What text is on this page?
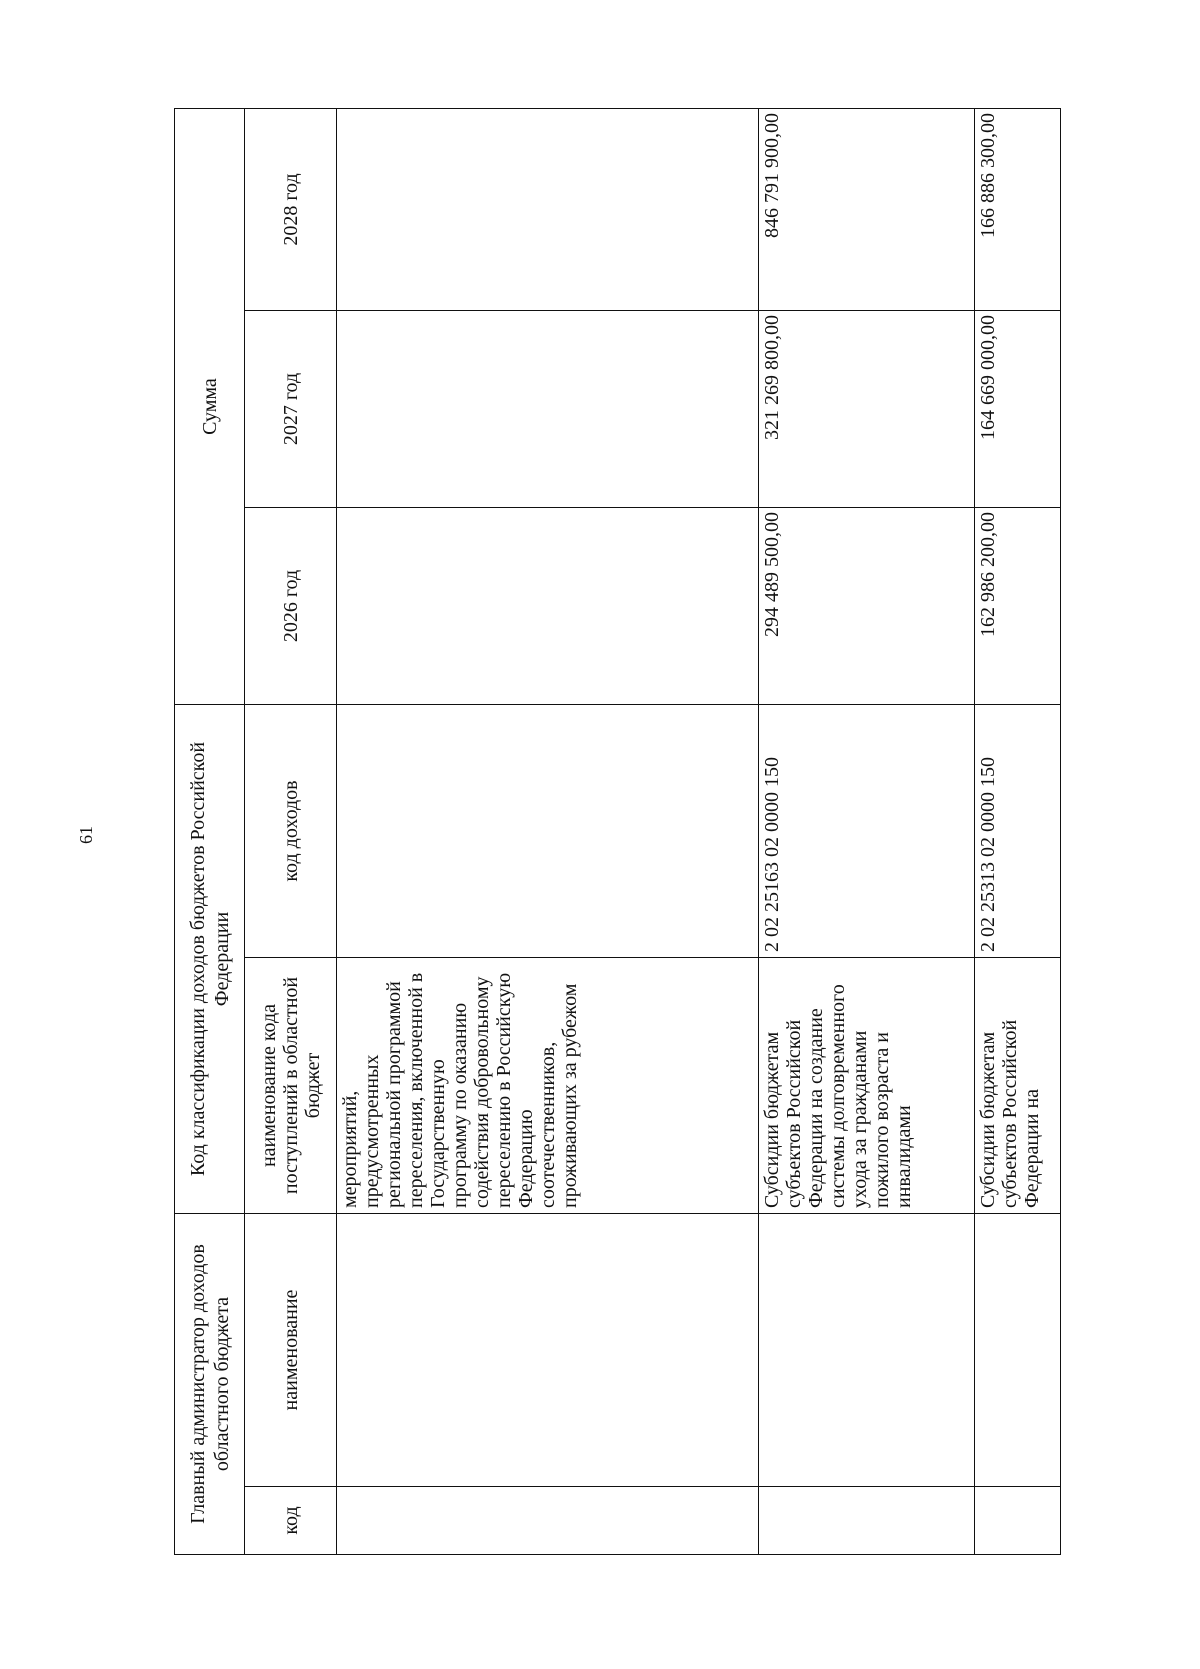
61
Главный администратор доходов областного бюджета		Код классификации доходов бюджетов Российской Федерации		Сумма		
код	наименование	наименование кода поступлений в областной бюджет	код доходов	2026 год	2027 год	2028 год
		мероприятий, предусмотренных региональной программой переселения, включенной в Государственную программу по оказанию содействия добровольному переселению в Российскую Федерацию соотечественников, проживающих за рубежом				
		Субсидии бюджетам субъектов Российской Федерации на создание системы долговременного ухода за гражданами пожилого возраста и инвалидами	2 02 25163 02 0000 150	294 489 500,00	321 269 800,00	846 791 900,00
		Субсидии бюджетам субъектов Российской Федерации на	2 02 25313 02 0000 150	162 986 200,00	164 669 000,00	166 886 300,00
